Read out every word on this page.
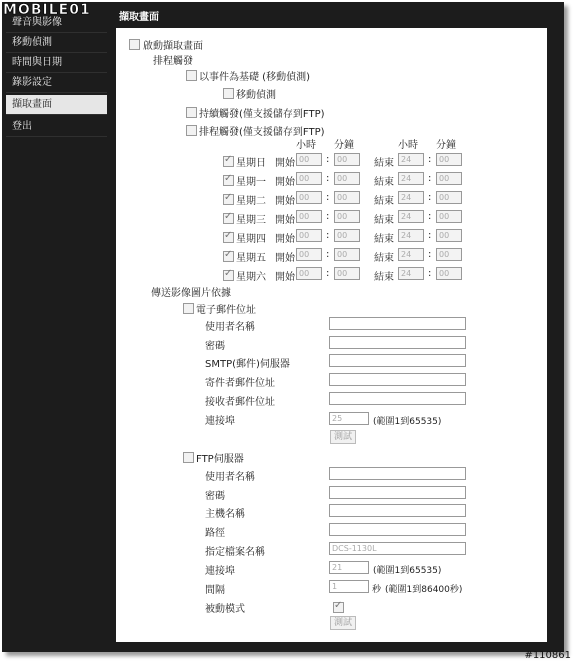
MOBILE01
聲音與影像
移動偵測
時間與日期
錄影設定
擷取畫面
登出
擷取畫面
啟動擷取畫面
排程觸發
以事件為基礎 (移動偵測)
移動偵測
持續觸發(僅支援儲存到FTP)
排程觸發(僅支援儲存到FTP)
小時 分鐘	小時 分鐘
✓
星期日 開始 00	: 00	結束 24	: 00
✓
星期一 開始 00	: 00	結束 24	: 00
✓
星期二 開始 00	: 00	結束 24	: 00
✓
星期三 開始 00	: 00	結束 24	: 00
✓
星期四 開始 00	: 00	結束 24	: 00
✓
星期五 開始 00	: 00	結束 24	: 00
✓
星期六 開始 00	: 00	結束 24	: 00
傳送影像圖片依據
電子郵件位址
使用者名稱
密碼
SMTP(郵件)伺服器
寄件者郵件位址
接收者郵件位址
連接埠	25	(範圍1到65535)
測試
FTP伺服器
使用者名稱
密碼
主機名稱
路徑
指定檔案名稱	DCS-1130L
連接埠	21	(範圍1到65535)
間隔	1	秒 (範圍1到86400秒)
被動模式
✓
測試
#110861
